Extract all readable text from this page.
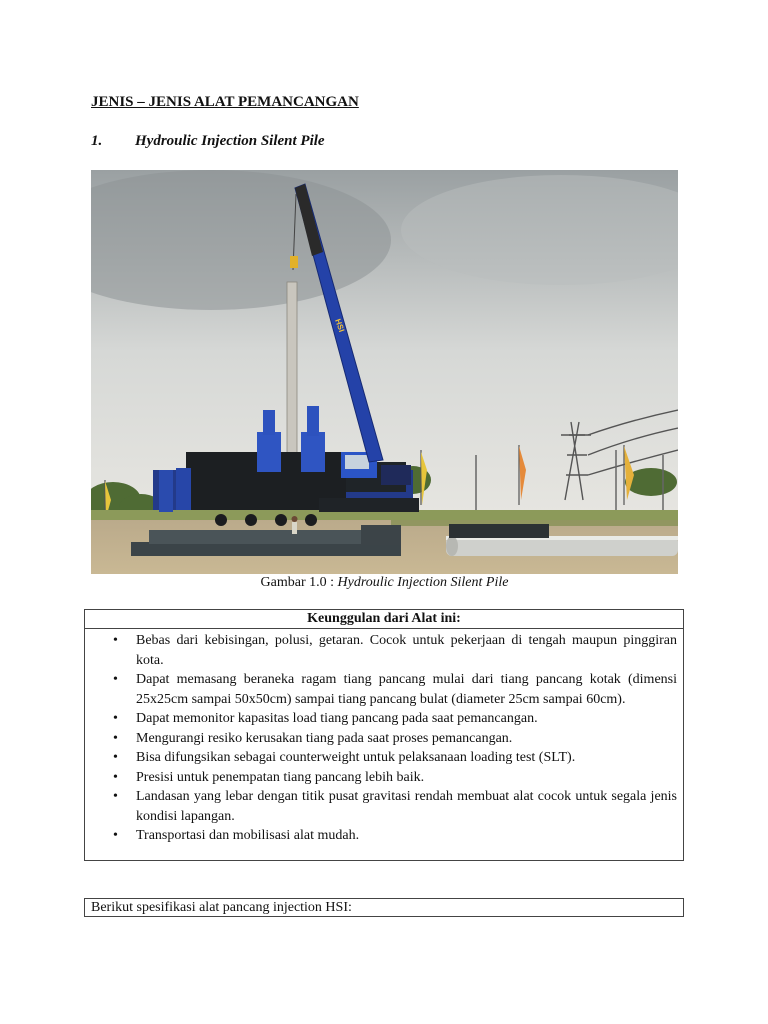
JENIS – JENIS ALAT PEMANCANGAN
1.	Hydroulic Injection Silent Pile
HSI
Gambar 1.0 : Hydroulic Injection Silent Pile
Keunggulan dari Alat ini:
• Bebas dari kebisingan, polusi, getaran. Cocok untuk pekerjaan di tengah maupun pinggiran kota.
• Dapat memasang beraneka ragam tiang pancang mulai dari tiang pancang kotak (dimensi 25x25cm sampai 50x50cm) sampai tiang pancang bulat (diameter 25cm sampai 60cm).
• Dapat memonitor kapasitas load tiang pancang pada saat pemancangan.
• Mengurangi resiko kerusakan tiang pada saat proses pemancangan.
• Bisa difungsikan sebagai counterweight untuk pelaksanaan loading test (SLT).
• Presisi untuk penempatan tiang pancang lebih baik.
• Landasan yang lebar dengan titik pusat gravitasi rendah membuat alat cocok untuk segala jenis kondisi lapangan.
• Transportasi dan mobilisasi alat mudah.
Berikut spesifikasi alat pancang injection HSI:
